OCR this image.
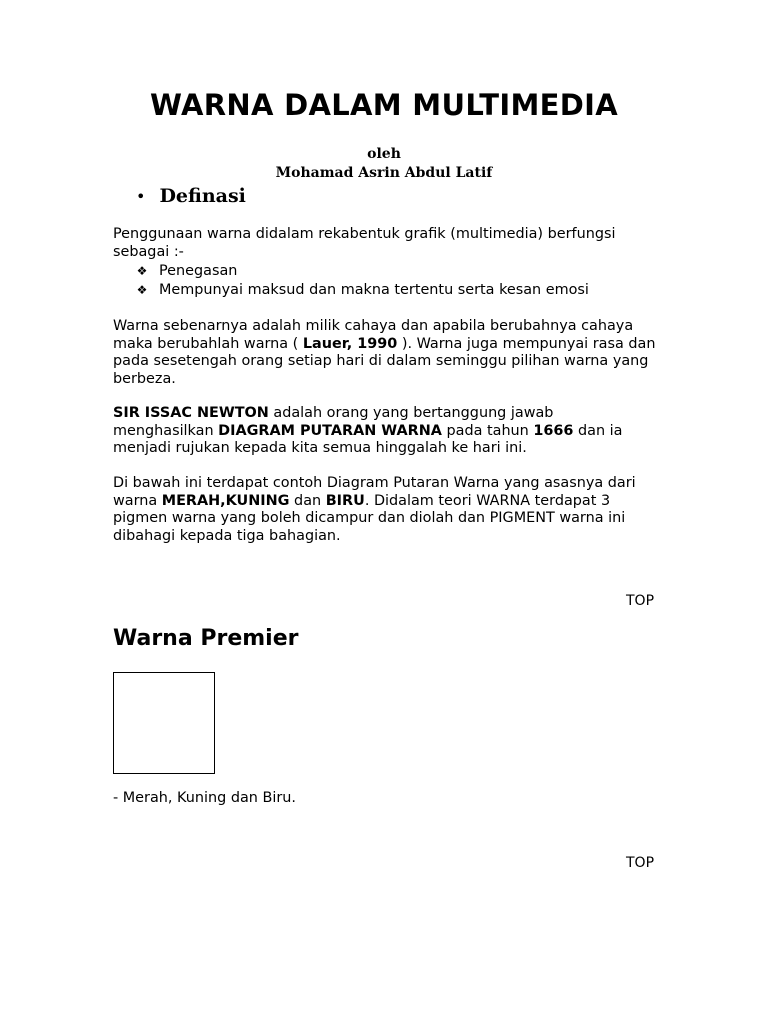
WARNA DALAM MULTIMEDIA
oleh
Mohamad Asrin Abdul Latif
• Definasi
Penggunaan warna didalam rekabentuk grafik (multimedia) berfungsi sebagai :-
❖ Penegasan
❖ Mempunyai maksud dan makna tertentu serta kesan emosi
Warna sebenarnya adalah milik cahaya dan apabila berubahnya cahaya maka berubahlah warna ( Lauer, 1990 ). Warna juga mempunyai rasa dan pada sesetengah orang setiap hari di dalam seminggu pilihan warna yang berbeza.
SIR ISSAC NEWTON adalah orang yang bertanggung jawab menghasilkan DIAGRAM PUTARAN WARNA pada tahun 1666 dan ia menjadi rujukan kepada kita semua hinggalah ke hari ini.
Di bawah ini terdapat contoh Diagram Putaran Warna yang asasnya dari warna MERAH,KUNING dan BIRU. Didalam teori WARNA terdapat 3 pigmen warna yang boleh dicampur dan diolah dan PIGMENT warna ini dibahagi kepada tiga bahagian.
TOP
Warna Premier
- Merah, Kuning dan Biru.
TOP
